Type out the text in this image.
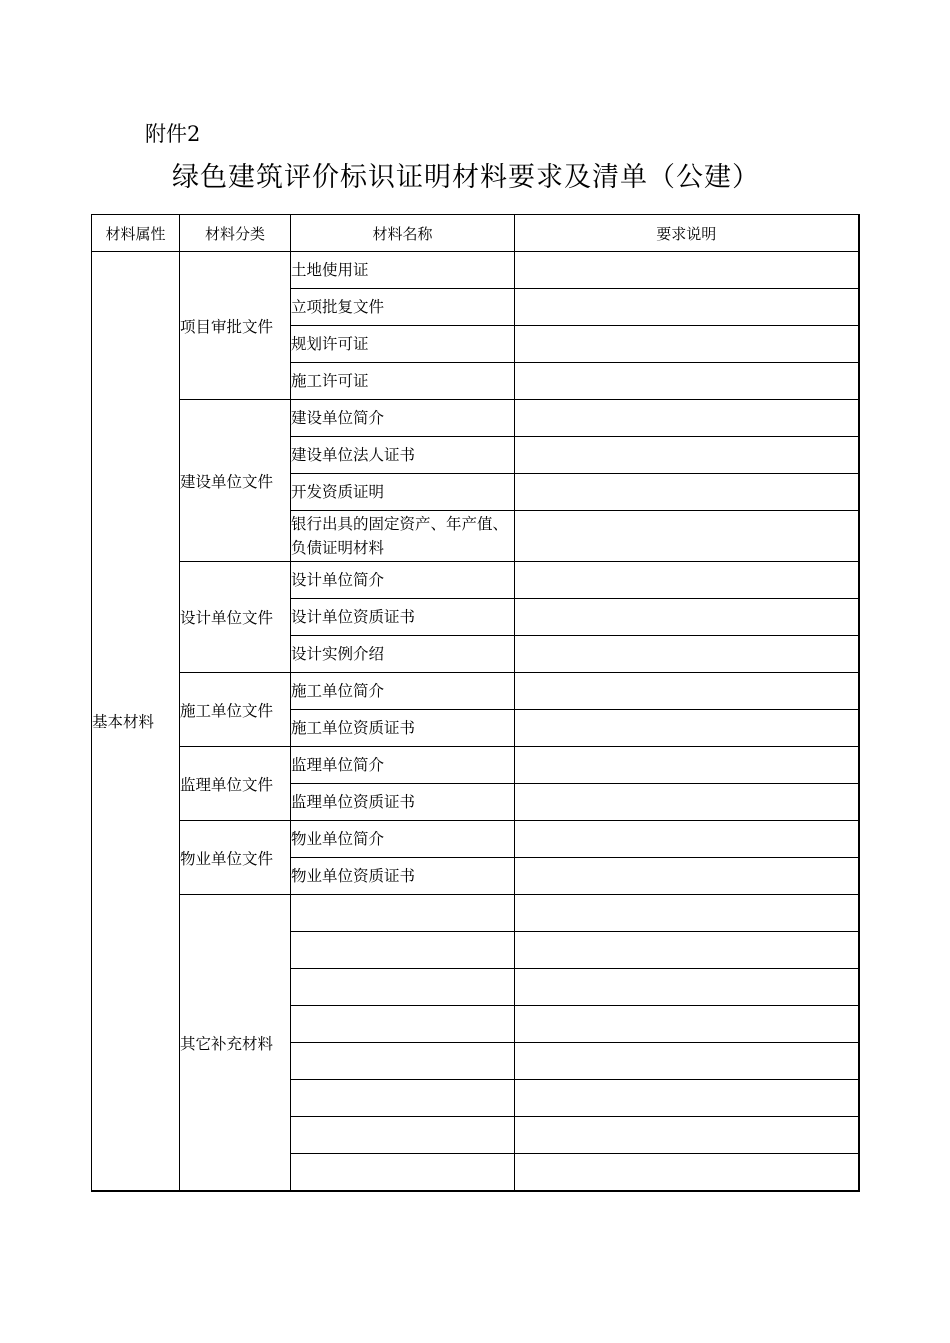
附件2
绿色建筑评价标识证明材料要求及清单（公建）
材料属性	材料分类	材料名称	要求说明
基本材料	项目审批文件	土地使用证	
		立项批复文件	
		规划许可证	
		施工许可证	
	建设单位文件	建设单位简介	
		建设单位法人证书	
		开发资质证明	
		银行出具的固定资产、年产值、负债证明材料	
	设计单位文件	设计单位简介	
		设计单位资质证书	
		设计实例介绍	
	施工单位文件	施工单位简介	
		施工单位资质证书	
	监理单位文件	监理单位简介	
		监理单位资质证书	
	物业单位文件	物业单位简介	
		物业单位资质证书	
	其它补充材料		
